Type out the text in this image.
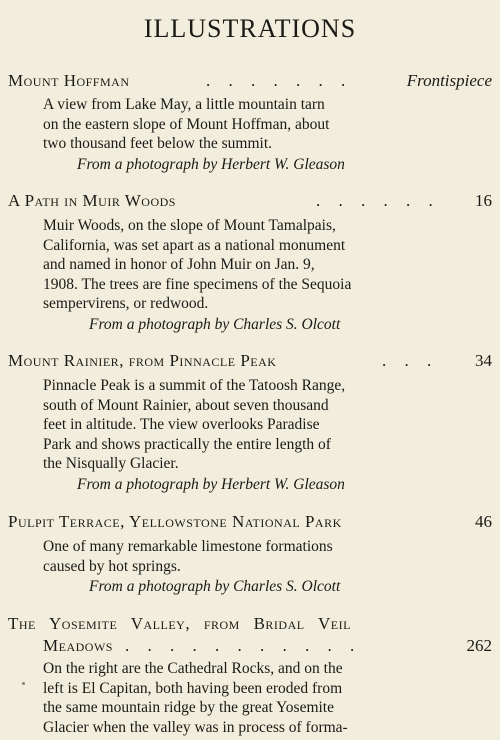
ILLUSTRATIONS
Mount Hoffman	. . . . . . .	Frontispiece
A view from Lake May, a little mountain tarn
on the eastern slope of Mount Hoffman, about
two thousand feet below the summit.
From a photograph by Herbert W. Gleason
A Path in Muir Woods	. . . . . . 16
Muir Woods, on the slope of Mount Tamalpais,
California, was set apart as a national monument
and named in honor of John Muir on Jan. 9,
1908. The trees are fine specimens of the Sequoia
sempervirens, or redwood.
From a photograph by Charles S. Olcott
Mount Rainier, from Pinnacle Peak	. . . 34
Pinnacle Peak is a summit of the Tatoosh Range,
south of Mount Rainier, about seven thousand
feet in altitude. The view overlooks Paradise
Park and shows practically the entire length of
the Nisqually Glacier.
From a photograph by Herbert W. Gleason
Pulpit Terrace, Yellowstone National Park	46
One of many remarkable limestone formations
caused by hot springs.
From a photograph by Charles S. Olcott
The Yosemite Valley, from Bridal Veil
Meadows . . . . . . . . . . .	262
On the right are the Cathedral Rocks, and on the
left is El Capitan, both having been eroded from
the same mountain ridge by the great Yosemite
Glacier when the valley was in process of forma-
